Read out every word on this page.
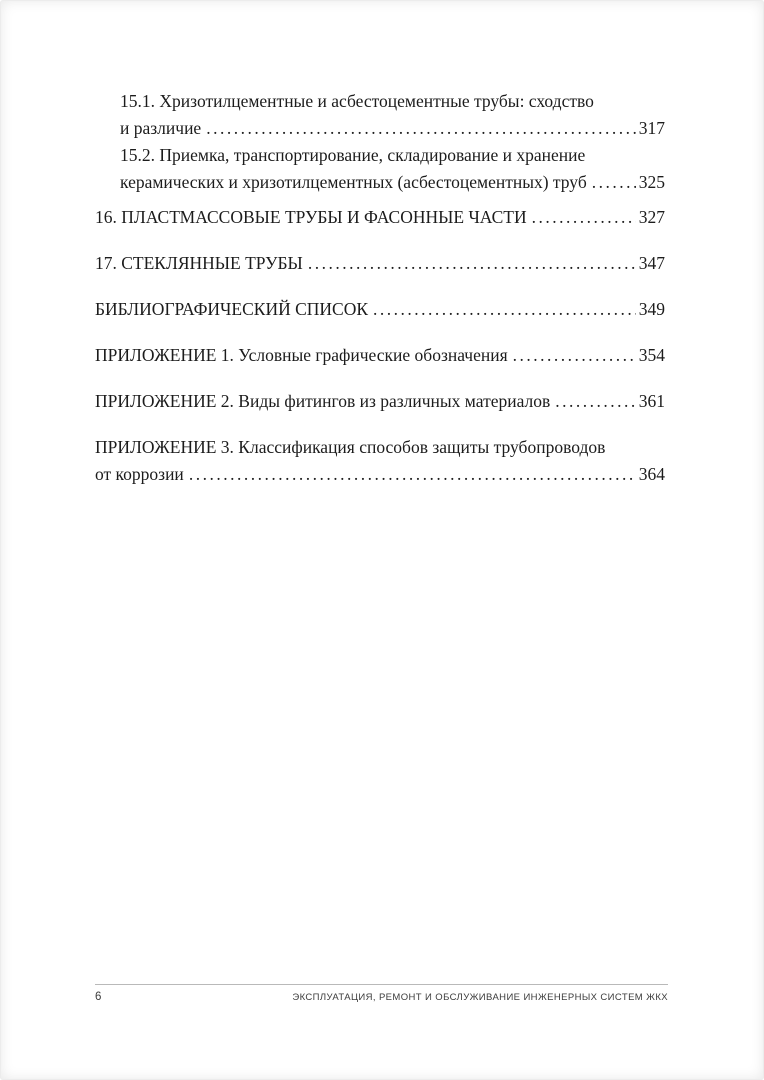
15.1. Хризотилцементные и асбестоцементные трубы: сходство
и различие .....	317
15.2. Приемка, транспортирование, складирование и хранение
керамических и хризотилцементных (асбестоцементных) труб .....	325
16. ПЛАСТМАССОВЫЕ ТРУБЫ И ФАСОННЫЕ ЧАСТИ .....	327
17. СТЕКЛЯННЫЕ ТРУБЫ .....	347
БИБЛИОГРАФИЧЕСКИЙ СПИСОК .....	349
ПРИЛОЖЕНИЕ 1. Условные графические обозначения .....	354
ПРИЛОЖЕНИЕ 2. Виды фитингов из различных материалов .....	361
ПРИЛОЖЕНИЕ 3. Классификация способов защиты трубопроводов
от коррозии .....	364
6	ЭКСПЛУАТАЦИЯ, РЕМОНТ И ОБСЛУЖИВАНИЕ ИНЖЕНЕРНЫХ СИСТЕМ ЖКХ
